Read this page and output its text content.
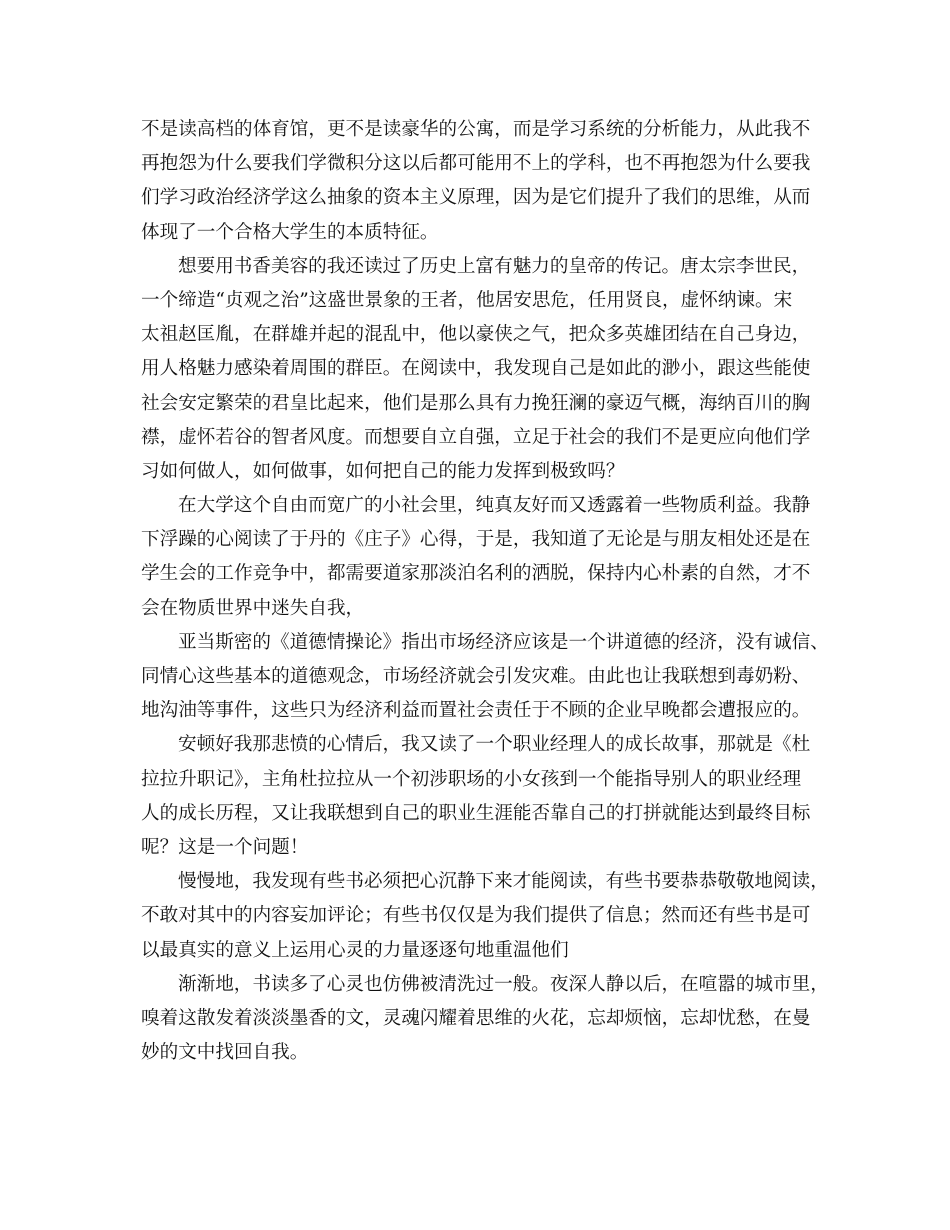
不是读高档的体育馆，更不是读豪华的公寓，而是学习系统的分析能力，从此我不
再抱怨为什么要我们学微积分这以后都可能用不上的学科，也不再抱怨为什么要我
们学习政治经济学这么抽象的资本主义原理，因为是它们提升了我们的思维，从而
体现了一个合格大学生的本质特征。
想要用书香美容的我还读过了历史上富有魅力的皇帝的传记。唐太宗李世民，
一个缔造“贞观之治”这盛世景象的王者，他居安思危，任用贤良，虚怀纳谏。宋
太祖赵匡胤，在群雄并起的混乱中，他以豪侠之气，把众多英雄团结在自己身边，
用人格魅力感染着周围的群臣。在阅读中，我发现自己是如此的渺小，跟这些能使
社会安定繁荣的君皇比起来，他们是那么具有力挽狂澜的豪迈气概，海纳百川的胸
襟，虚怀若谷的智者风度。而想要自立自强，立足于社会的我们不是更应向他们学
习如何做人，如何做事，如何把自己的能力发挥到极致吗？
在大学这个自由而宽广的小社会里，纯真友好而又透露着一些物质利益。我静
下浮躁的心阅读了于丹的《庄子》心得，于是，我知道了无论是与朋友相处还是在
学生会的工作竞争中，都需要道家那淡泊名利的洒脱，保持内心朴素的自然，才不
会在物质世界中迷失自我，
亚当斯密的《道德情操论》指出市场经济应该是一个讲道德的经济，没有诚信、
同情心这些基本的道德观念，市场经济就会引发灾难。由此也让我联想到毒奶粉、
地沟油等事件，这些只为经济利益而置社会责任于不顾的企业早晚都会遭报应的。
安顿好我那悲愤的心情后，我又读了一个职业经理人的成长故事，那就是《杜
拉拉升职记》，主角杜拉拉从一个初涉职场的小女孩到一个能指导别人的职业经理
人的成长历程，又让我联想到自己的职业生涯能否靠自己的打拼就能达到最终目标
呢？这是一个问题！
慢慢地，我发现有些书必须把心沉静下来才能阅读，有些书要恭恭敬敬地阅读，
不敢对其中的内容妄加评论；有些书仅仅是为我们提供了信息；然而还有些书是可
以最真实的意义上运用心灵的力量逐逐句地重温他们
渐渐地，书读多了心灵也仿佛被清洗过一般。夜深人静以后，在喧嚣的城市里，
嗅着这散发着淡淡墨香的文，灵魂闪耀着思维的火花，忘却烦恼，忘却忧愁，在曼
妙的文中找回自我。
